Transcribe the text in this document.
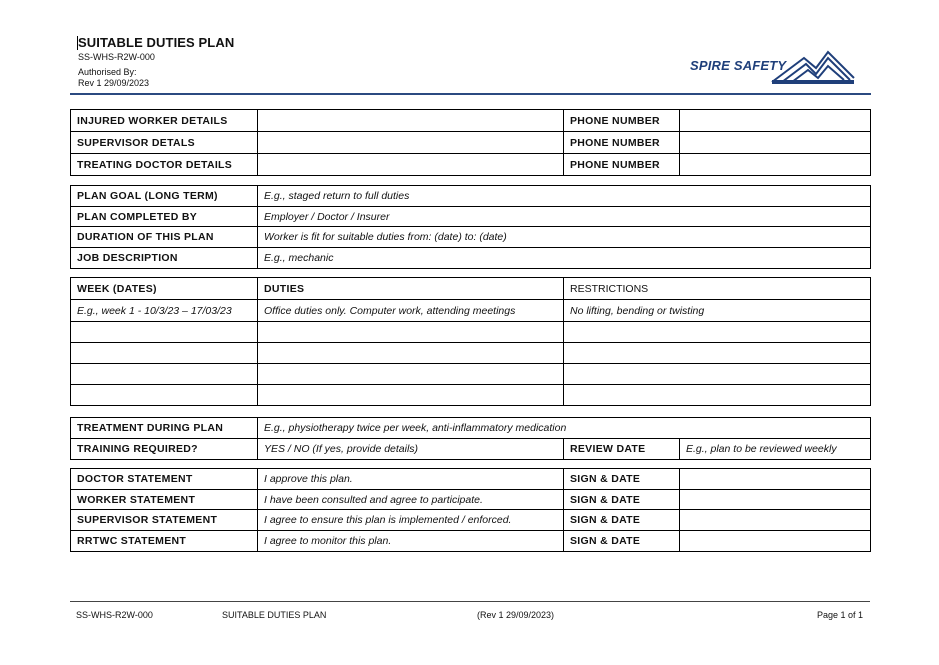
SUITABLE DUTIES PLAN
SS-WHS-R2W-000
Authorised By:
Rev 1 29/09/2023
SPIRE SAFETY
INJURED WORKER DETAILS		PHONE NUMBER	
SUPERVISOR DETALS		PHONE NUMBER	
TREATING DOCTOR DETAILS		PHONE NUMBER	
PLAN GOAL (LONG TERM)	E.g., staged return to full duties
PLAN COMPLETED BY	Employer / Doctor / Insurer
DURATION OF THIS PLAN	Worker is fit for suitable duties from: (date) to: (date)
JOB DESCRIPTION	E.g., mechanic
WEEK (DATES)	DUTIES	RESTRICTIONS
E.g., week 1 - 10/3/23 – 17/03/23	Office duties only. Computer work, attending meetings	No lifting, bending or twisting

TREATMENT DURING PLAN	E.g., physiotherapy twice per week, anti-inflammatory medication		
TRAINING REQUIRED?	YES / NO (If yes, provide details)	REVIEW DATE	E.g., plan to be reviewed weekly
DOCTOR STATEMENT	I approve this plan.	SIGN & DATE	
WORKER STATEMENT	I have been consulted and agree to participate.	SIGN & DATE	
SUPERVISOR STATEMENT	I agree to ensure this plan is implemented / enforced.	SIGN & DATE	
RRTWC STATEMENT	I agree to monitor this plan.	SIGN & DATE	
SS-WHS-R2W-000	SUITABLE DUTIES PLAN	(Rev 1 29/09/2023)	Page 1 of 1
